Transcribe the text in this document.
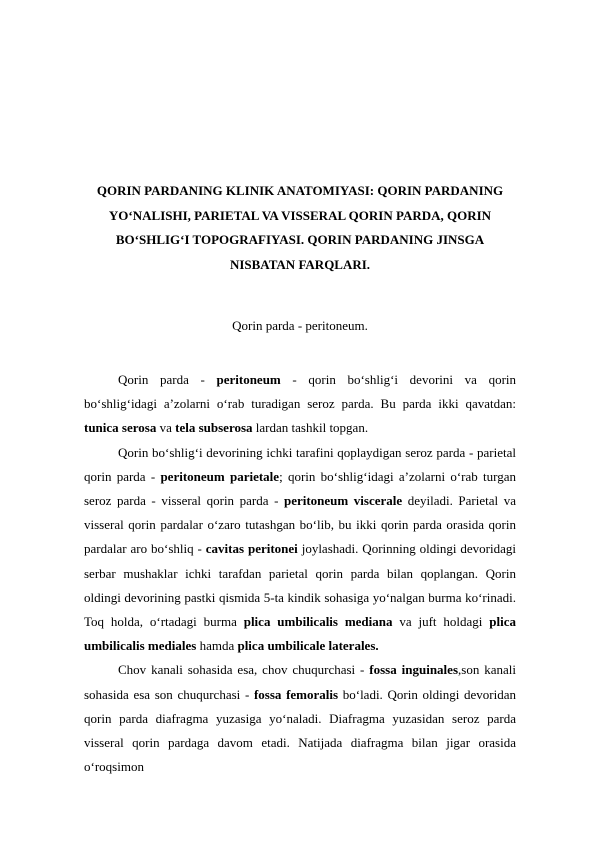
QORIN PARDANING KLINIK ANATOMIYASI: QORIN PARDANING YO‘NALISHI, PARIETAL VA VISSERAL QORIN PARDA, QORIN BO‘SHLIG‘I TOPOGRAFIYASI. QORIN PARDANING JINSGA NISBATAN FARQLARI.

Qorin parda - peritoneum.

Qorin parda - peritoneum - qorin bo‘shlig‘i devorini va qorin bo‘shlig‘idagi a’zolarni o‘rab turadigan seroz parda. Bu parda ikki qavatdan: tunica serosa va tela subserosa lardan tashkil topgan.

Qorin bo‘shlig‘i devorining ichki tarafini qoplaydigan seroz parda - parietal qorin parda - peritoneum parietale; qorin bo‘shlig‘idagi a’zolarni o‘rab turgan seroz parda - visseral qorin parda - peritoneum viscerale deyiladi. Parietal va visseral qorin pardalar o‘zaro tutashgan bo‘lib, bu ikki qorin parda orasida qorin pardalar aro bo‘shliq - cavitas peritonei joylashadi. Qorinning oldingi devoridagi serbar mushaklar ichki tarafdan parietal qorin parda bilan qoplangan. Qorin oldingi devorining pastki qismida 5-ta kindik sohasiga yo‘nalgan burma ko‘rinadi. Toq holda, o‘rtadagi burma plica umbilicalis mediana va juft holdagi plica umbilicalis mediales hamda plica umbilicale laterales.

Chov kanali sohasida esa, chov chuqurchasi - fossa inguinales,son kanali sohasida esa son chuqurchasi - fossa femoralis bo‘ladi. Qorin oldingi devoridan qorin parda diafragma yuzasiga yo‘naladi. Diafragma yuzasidan seroz parda visseral qorin pardaga davom etadi. Natijada diafragma bilan jigar orasida o‘roqsimon
